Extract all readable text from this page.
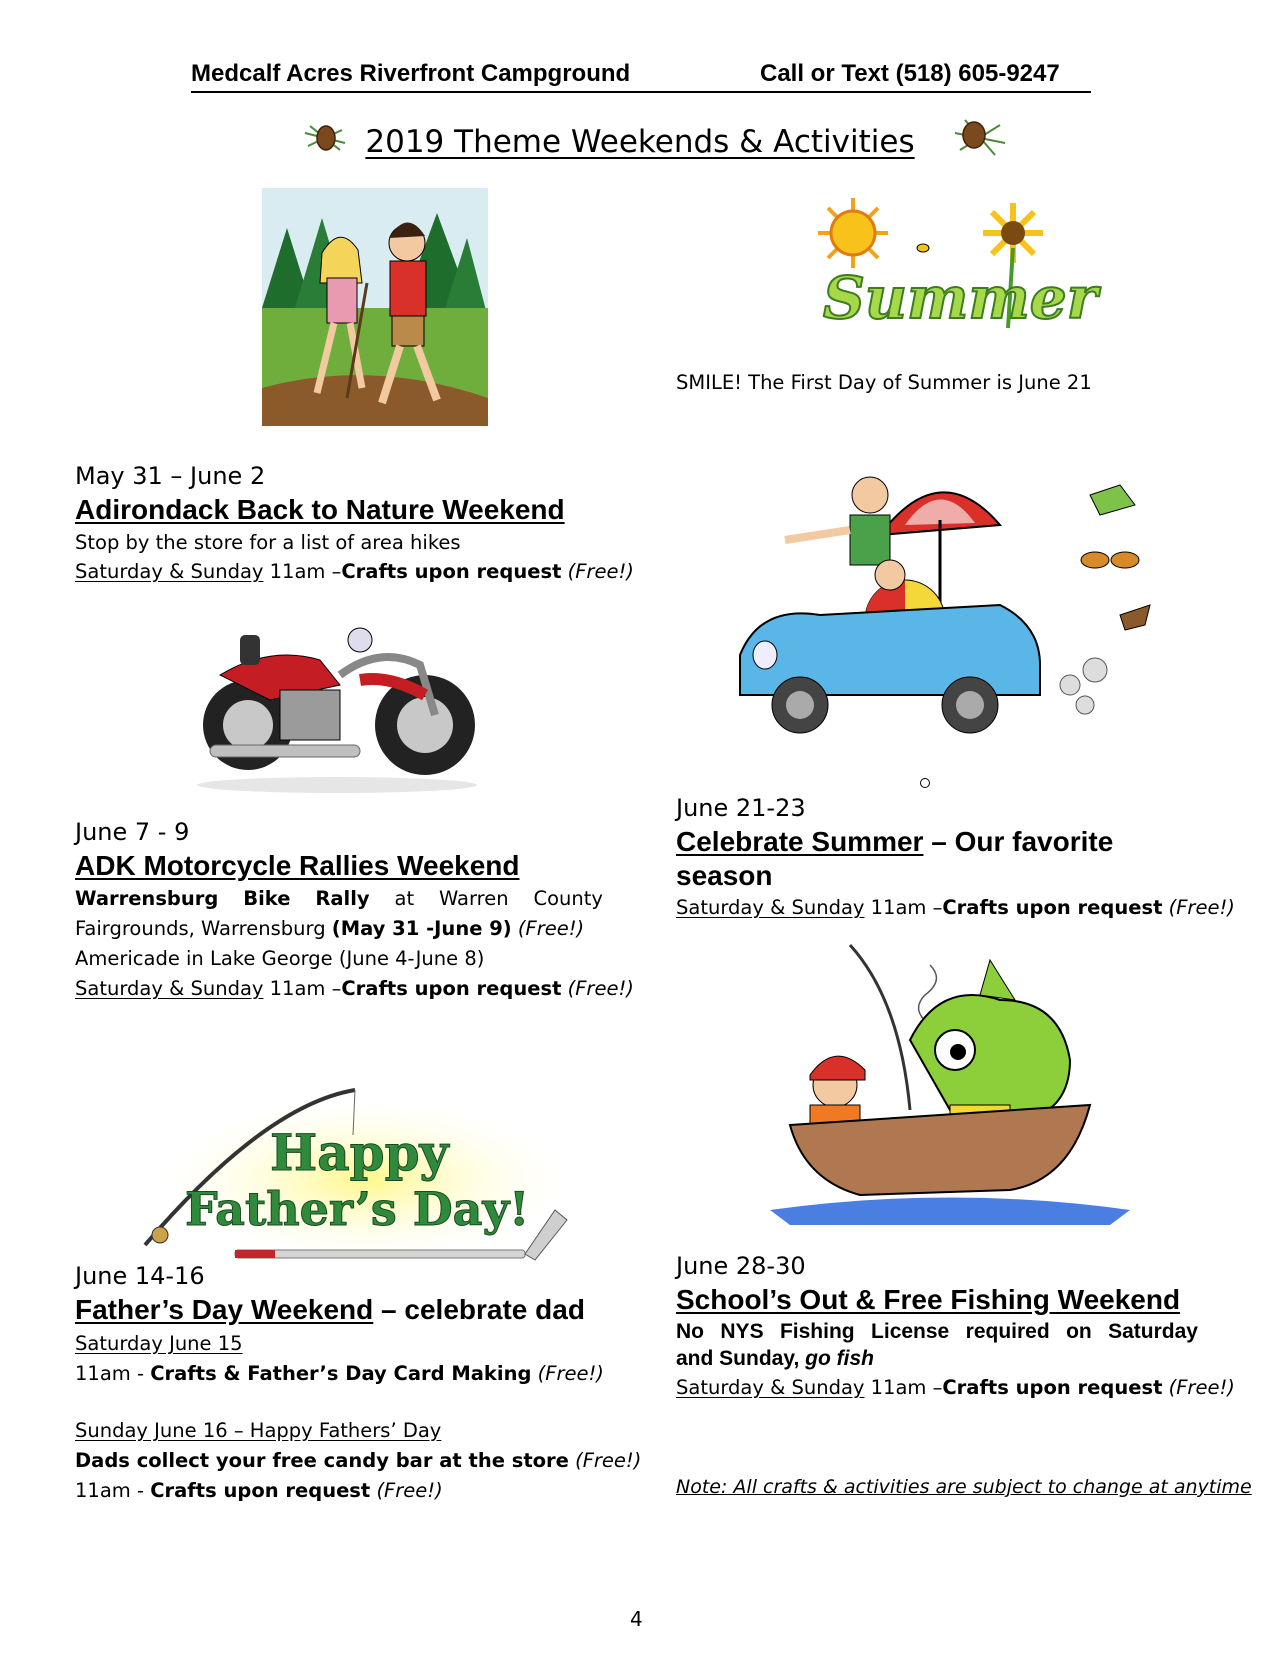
Medcalf Acres Riverfront Campground	Call or Text (518) 605-9247
2019 Theme Weekends & Activities
Summer
SMILE! The First Day of Summer is June 21
May 31 – June 2
Adirondack Back to Nature Weekend
Stop by the store for a list of area hikes
Saturday & Sunday 11am –Crafts upon request (Free!)
June 7 - 9
ADK Motorcycle Rallies Weekend
Warrensburg Bike Rally at Warren County
Fairgrounds, Warrensburg (May 31 -June 9) (Free!)
Americade in Lake George (June 4-June 8)
Saturday & Sunday 11am –Crafts upon request (Free!)
Happy
Father’s Day!
June 14-16
Father’s Day Weekend – celebrate dad
Saturday June 15
11am - Crafts & Father’s Day Card Making (Free!)
Sunday June 16 – Happy Fathers’ Day
Dads collect your free candy bar at the store (Free!)
11am - Crafts upon request (Free!)
June 21-23
Celebrate Summer – Our favorite
season
Saturday & Sunday 11am –Crafts upon request (Free!)
June 28-30
School’s Out & Free Fishing Weekend
No NYS Fishing License required on Saturday
and Sunday, go fish
Saturday & Sunday 11am –Crafts upon request (Free!)
Note: All crafts & activities are subject to change at anytime
4
